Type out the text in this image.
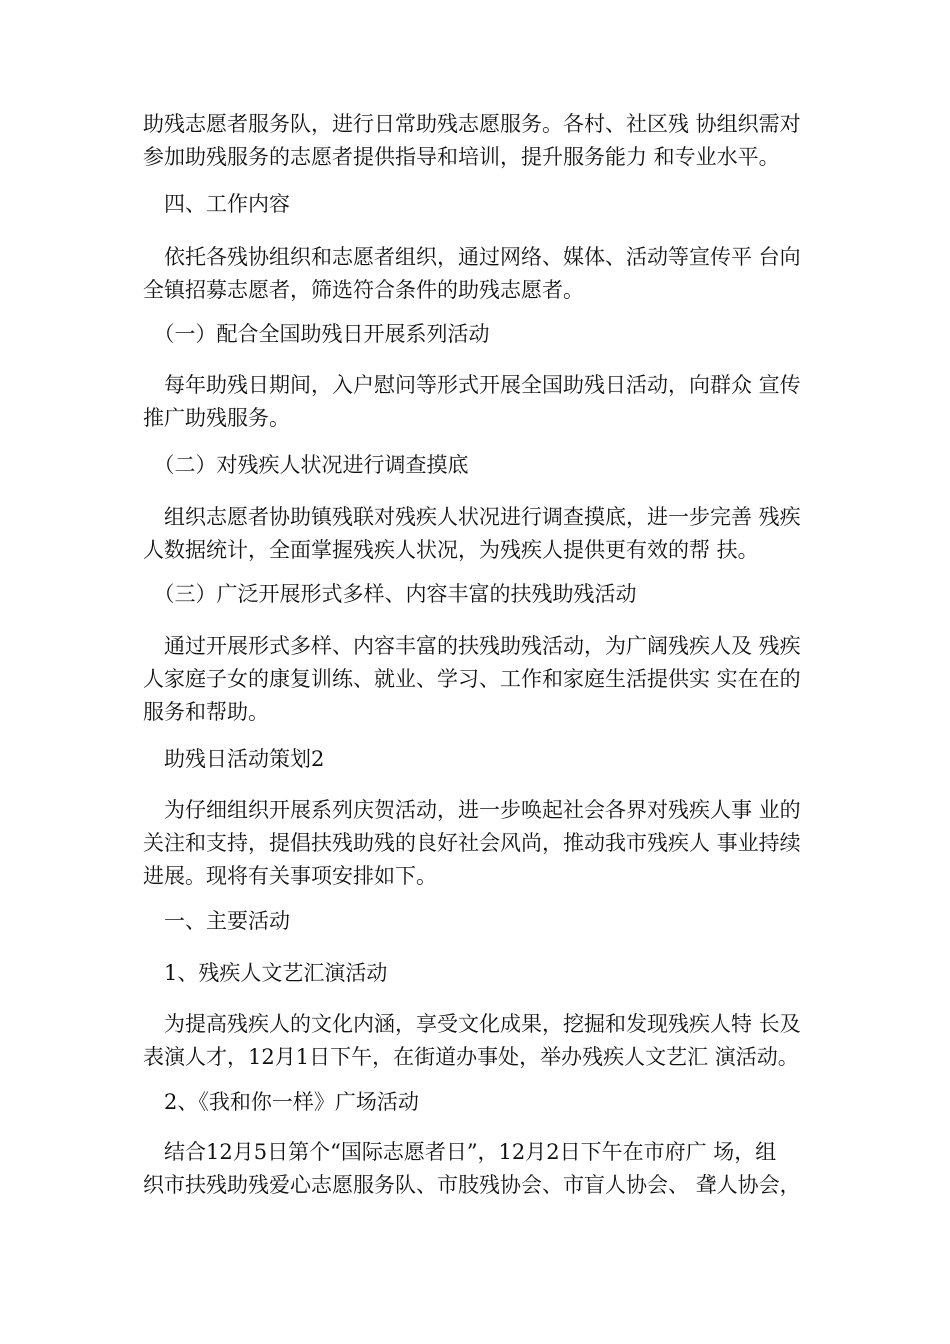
助残志愿者服务队，进行日常助残志愿服务。各村、社区残 协组织需对
参加助残服务的志愿者提供指导和培训，提升服务能力 和专业水平。
　四、工作内容
　依托各残协组织和志愿者组织，通过网络、媒体、活动等宣传平 台向
全镇招募志愿者，筛选符合条件的助残志愿者。
　（一）配合全国助残日开展系列活动
　每年助残日期间，入户慰问等形式开展全国助残日活动，向群众 宣传
推广助残服务。
　（二）对残疾人状况进行调查摸底
　组织志愿者协助镇残联对残疾人状况进行调查摸底，进一步完善 残疾
人数据统计，全面掌握残疾人状况，为残疾人提供更有效的帮 扶。
　（三）广泛开展形式多样、内容丰富的扶残助残活动
　通过开展形式多样、内容丰富的扶残助残活动，为广阔残疾人及 残疾
人家庭子女的康复训练、就业、学习、工作和家庭生活提供实 实在在的
服务和帮助。
　助残日活动策划2
　为仔细组织开展系列庆贺活动，进一步唤起社会各界对残疾人事 业的
关注和支持，提倡扶残助残的良好社会风尚，推动我市残疾人 事业持续
进展。现将有关事项安排如下。
　一、主要活动
　1、残疾人文艺汇演活动
　为提高残疾人的文化内涵，享受文化成果，挖掘和发现残疾人特 长及
表演人才，12月1日下午，在街道办事处，举办残疾人文艺汇 演活动。
　2、《我和你一样》广场活动
　结合12月5日第个“国际志愿者日”，12月2日下午在市府广 场，组
织市扶残助残爱心志愿服务队、市肢残协会、市盲人协会、 聋人协会，
